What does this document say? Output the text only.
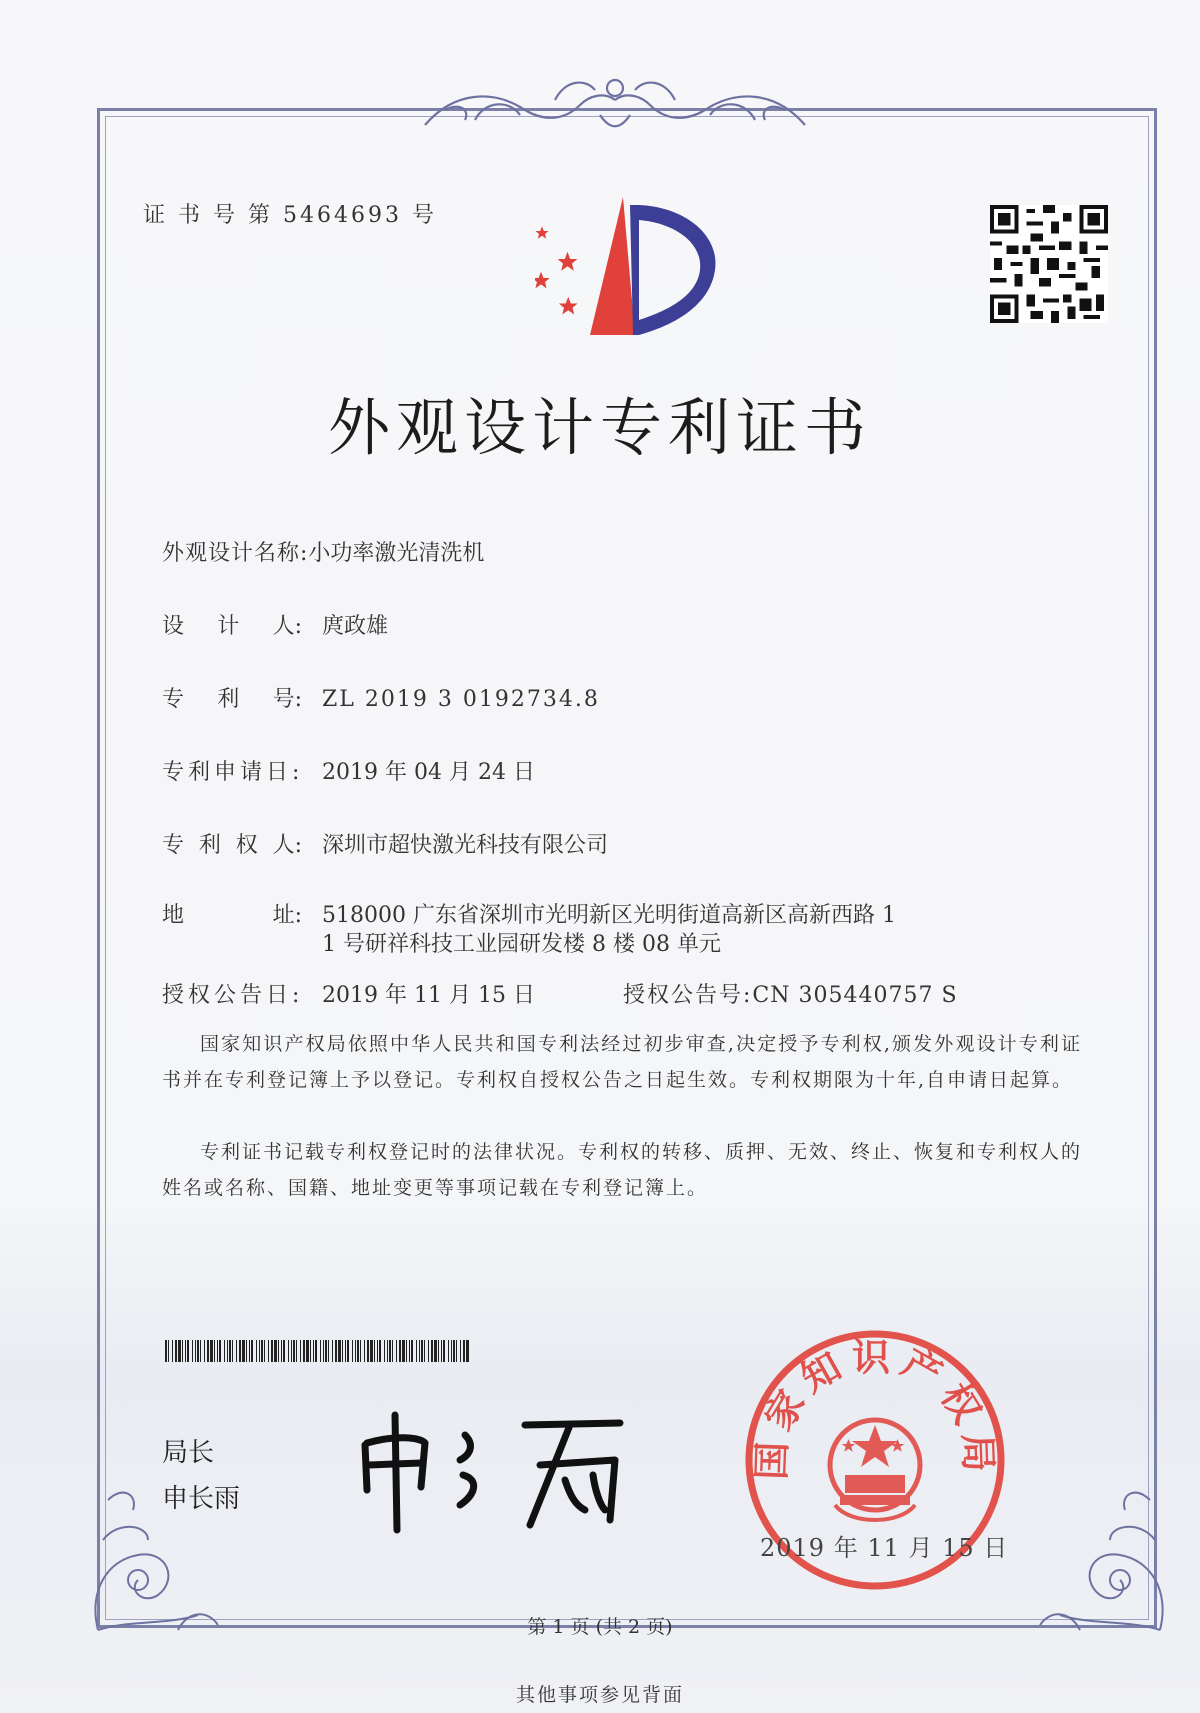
证 书 号 第 5464693 号
外观设计专利证书
外观设计名称:小功率激光清洗机
设 计 人: 庹政雄
专 利 号: ZL 2019 3 0192734.8
专利申请日: 2019 年 04 月 24 日
专 利 权 人: 深圳市超快激光科技有限公司
地	址: 518000 广东省深圳市光明新区光明街道高新区高新西路 1
1 号研祥科技工业园研发楼 8 楼 08 单元
授权公告日: 2019 年 11 月 15 日	授权公告号:CN 305440757 S
国家知识产权局依照中华人民共和国专利法经过初步审查,决定授予专利权,颁发外观设计专利证书并在专利登记簿上予以登记。专利权自授权公告之日起生效。专利权期限为十年,自申请日起算。
专利证书记载专利权登记时的法律状况。专利权的转移、质押、无效、终止、恢复和专利权人的姓名或名称、国籍、地址变更等事项记载在专利登记簿上。
局长
申长雨
国家知识产权局
2019 年 11 月 15 日
第 1 页 (共 2 页)
其他事项参见背面
